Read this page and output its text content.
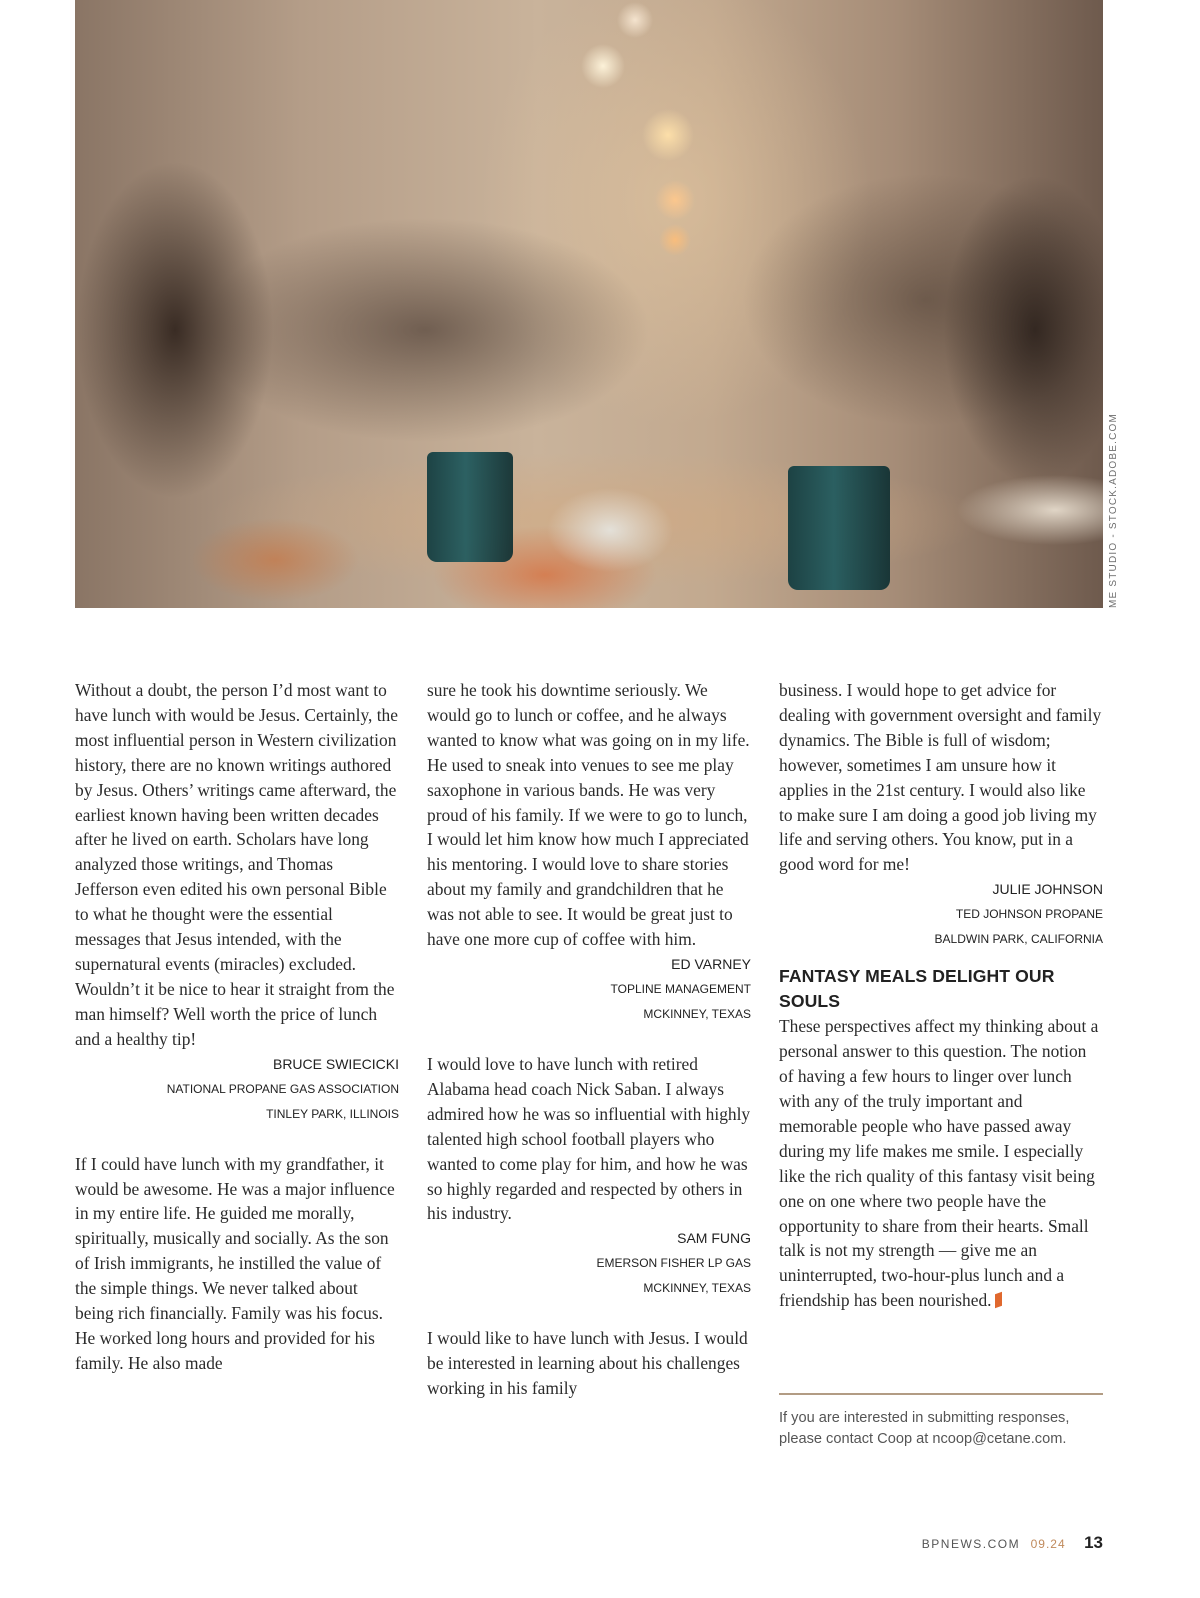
ME STUDIO - STOCK.ADOBE.COM

Without a doubt, the person I’d most want to have lunch with would be Jesus. Certainly, the most influential person in Western civilization history, there are no known writings authored by Jesus. Others’ writings came afterward, the earliest known having been written decades after he lived on earth. Scholars have long analyzed those writings, and Thomas Jefferson even edited his own personal Bible to what he thought were the essential messages that Jesus intended, with the supernatural events (miracles) excluded. Wouldn’t it be nice to hear it straight from the man himself? Well worth the price of lunch and a healthy tip!

BRUCE SWIECICKI
NATIONAL PROPANE GAS ASSOCIATION
TINLEY PARK, ILLINOIS

If I could have lunch with my grandfather, it would be awesome. He was a major influence in my entire life. He guided me morally, spiritually, musically and socially. As the son of Irish immigrants, he instilled the value of the simple things. We never talked about being rich financially. Family was his focus. He worked long hours and provided for his family. He also made

sure he took his downtime seriously. We would go to lunch or coffee, and he always wanted to know what was going on in my life. He used to sneak into venues to see me play saxophone in various bands. He was very proud of his family. If we were to go to lunch, I would let him know how much I appreciated his mentoring. I would love to share stories about my family and grandchildren that he was not able to see. It would be great just to have one more cup of coffee with him.

ED VARNEY
TOPLINE MANAGEMENT
MCKINNEY, TEXAS

I would love to have lunch with retired Alabama head coach Nick Saban. I always admired how he was so influential with highly talented high school football players who wanted to come play for him, and how he was so highly regarded and respected by others in his industry.

SAM FUNG
EMERSON FISHER LP GAS
MCKINNEY, TEXAS

I would like to have lunch with Jesus. I would be interested in learning about his challenges working in his family

business. I would hope to get advice for dealing with government oversight and family dynamics. The Bible is full of wisdom; however, sometimes I am unsure how it applies in the 21st century. I would also like to make sure I am doing a good job living my life and serving others. You know, put in a good word for me!

JULIE JOHNSON
TED JOHNSON PROPANE
BALDWIN PARK, CALIFORNIA
FANTASY MEALS DELIGHT OUR SOULS

These perspectives affect my thinking about a personal answer to this question. The notion of having a few hours to linger over lunch with any of the truly important and memorable people who have passed away during my life makes me smile. I especially like the rich quality of this fantasy visit being one on one where two people have the opportunity to share from their hearts. Small talk is not my strength — give me an uninterrupted, two-hour-plus lunch and a friendship has been nourished.

If you are interested in submitting responses, please contact Coop at ncoop@cetane.com.
BPNEWS.COM 09.24 13
